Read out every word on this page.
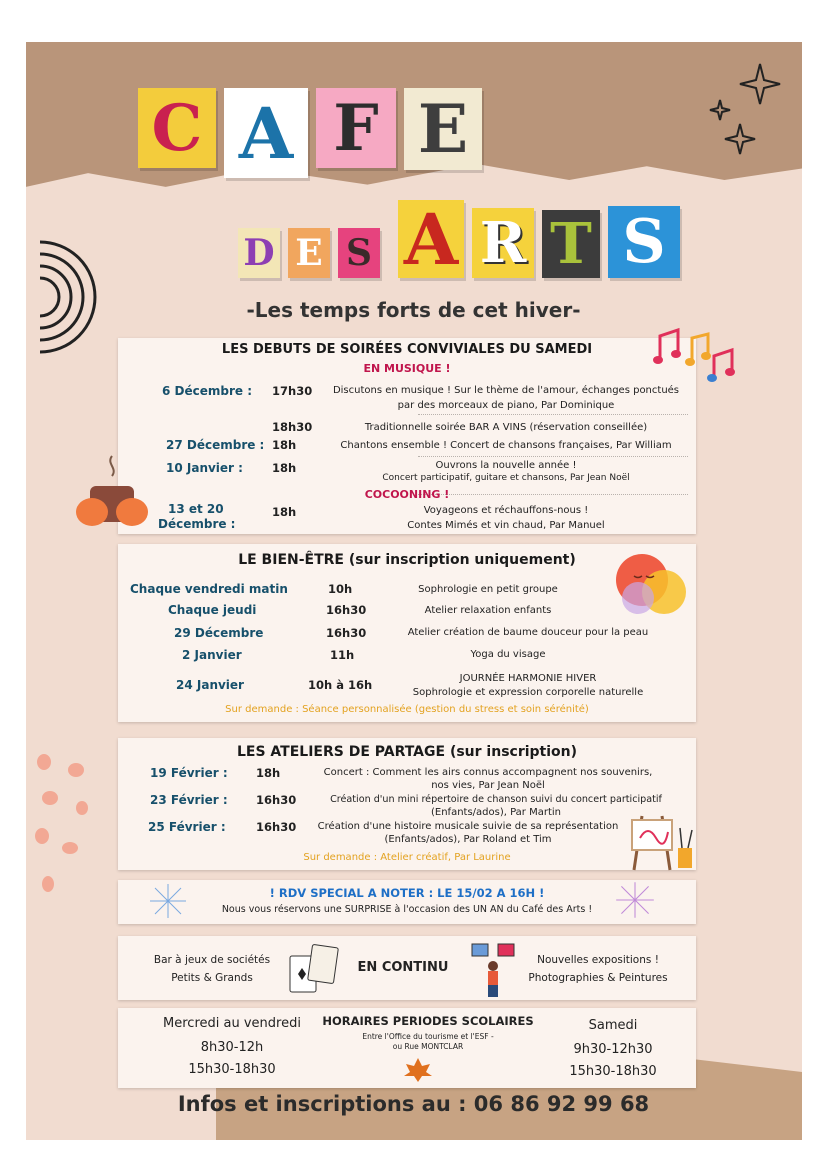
C A F E
D E S A R T S
-Les temps forts de cet hiver-
LES DEBUTS DE SOIRÉES CONVIVIALES DU SAMEDI
EN MUSIQUE !
6 Décembre : 17h30	Discutons en musique ! Sur le thème de l'amour, échanges ponctués
par des morceaux de piano, Par Dominique
18h30	Traditionnelle soirée BAR A VINS (réservation conseillée)
27 Décembre : 18h	Chantons ensemble ! Concert de chansons françaises, Par William
10 Janvier :	18h	Ouvrons la nouvelle année !
Concert participatif, guitare et chansons, Par Jean Noël
COCOONING !
13 et 20
Décembre :
18h	Voyageons et réchauffons-nous !
Contes Mimés et vin chaud, Par Manuel
LE BIEN-ÊTRE (sur inscription uniquement)
Chaque vendredi matin	10h	Sophrologie en petit groupe
Chaque jeudi	16h30	Atelier relaxation enfants
29 Décembre	16h30	Atelier création de baume douceur pour la peau
2 Janvier	11h	Yoga du visage
24 Janvier	10h à 16h	JOURNÉE HARMONIE HIVER
Sophrologie et expression corporelle naturelle
Sur demande : Séance personnalisée (gestion du stress et soin sérénité)
LES ATELIERS DE PARTAGE (sur inscription)
19 Février : 18h	Concert : Comment les airs connus accompagnent nos souvenirs,
nos vies, Par Jean Noël
23 Février : 16h30	Création d'un mini répertoire de chanson suivi du concert participatif
(Enfants/ados), Par Martin
25 Février :	16h30	Création d'une histoire musicale suivie de sa représentation
(Enfants/ados), Par Roland et Tim
Sur demande : Atelier créatif, Par Laurine
! RDV SPECIAL A NOTER : LE 15/02 A 16H !
Nous vous réservons une SURPRISE à l'occasion des UN AN du Café des Arts !
Bar à jeux de sociétés
Petits & Grands
EN CONTINU	Nouvelles expositions !
Photographies & Peintures
Mercredi au vendredi
8h30-12h
15h30-18h30
HORAIRES PERIODES SCOLAIRES
Entre l'Office du tourisme et l'ESF -
ou Rue MONTCLAR
Samedi
9h30-12h30
15h30-18h30
Infos et inscriptions au : 06 86 92 99 68
